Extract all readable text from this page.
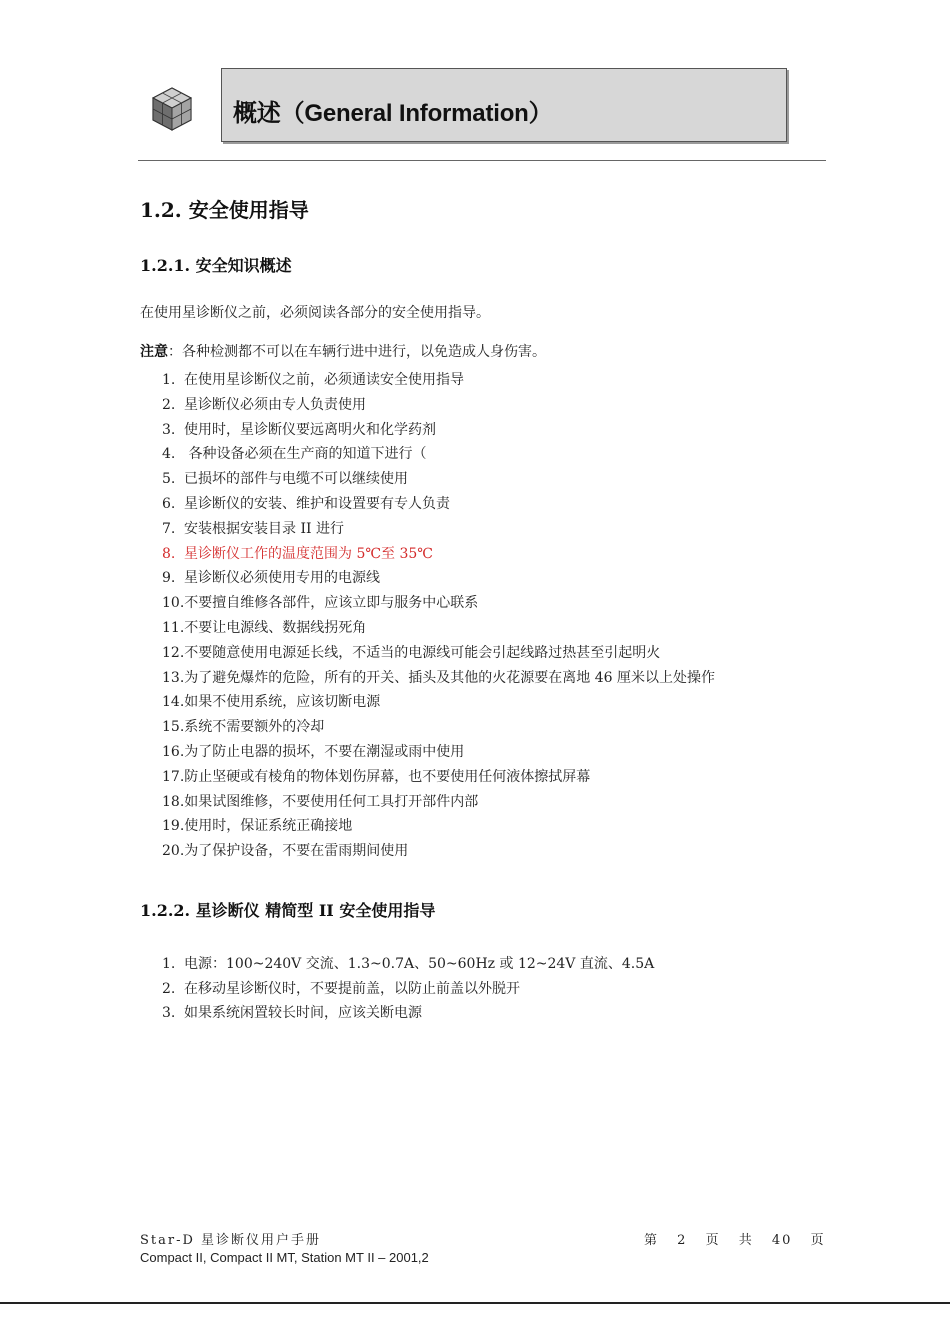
概述（General Information）
1.2. 安全使用指导
1.2.1. 安全知识概述
在使用星诊断仪之前，必须阅读各部分的安全使用指导。
注意：各种检测都不可以在车辆行进中进行，以免造成人身伤害。
1. 在使用星诊断仪之前，必须通读安全使用指导
2. 星诊断仪必须由专人负责使用
3. 使用时，星诊断仪要远离明火和化学药剂
4. 各种设备必须在生产商的知道下进行（
5. 已损坏的部件与电缆不可以继续使用
6. 星诊断仪的安装、维护和设置要有专人负责
7. 安装根据安装目录 II 进行
8. 星诊断仪工作的温度范围为 5℃至 35℃
9. 星诊断仪必须使用专用的电源线
10.不要擅自维修各部件，应该立即与服务中心联系
11.不要让电源线、数据线拐死角
12.不要随意使用电源延长线，不适当的电源线可能会引起线路过热甚至引起明火
13.为了避免爆炸的危险，所有的开关、插头及其他的火花源要在离地 46 厘米以上处操作
14.如果不使用系统，应该切断电源
15.系统不需要额外的冷却
16.为了防止电器的损坏，不要在潮湿或雨中使用
17.防止坚硬或有棱角的物体划伤屏幕，也不要使用任何液体擦拭屏幕
18.如果试图维修，不要使用任何工具打开部件内部
19.使用时，保证系统正确接地
20.为了保护设备，不要在雷雨期间使用
1.2.2. 星诊断仪 精简型 II 安全使用指导
1. 电源：100~240V 交流、1.3~0.7A、50~60Hz 或 12~24V 直流、4.5A
2. 在移动星诊断仪时，不要提前盖，以防止前盖以外脱开
3. 如果系统闲置较长时间，应该关断电源
Star-D 星诊断仪用户手册
Compact II, Compact II MT, Station MT II – 2001,2
第 2 页 共 40 页
